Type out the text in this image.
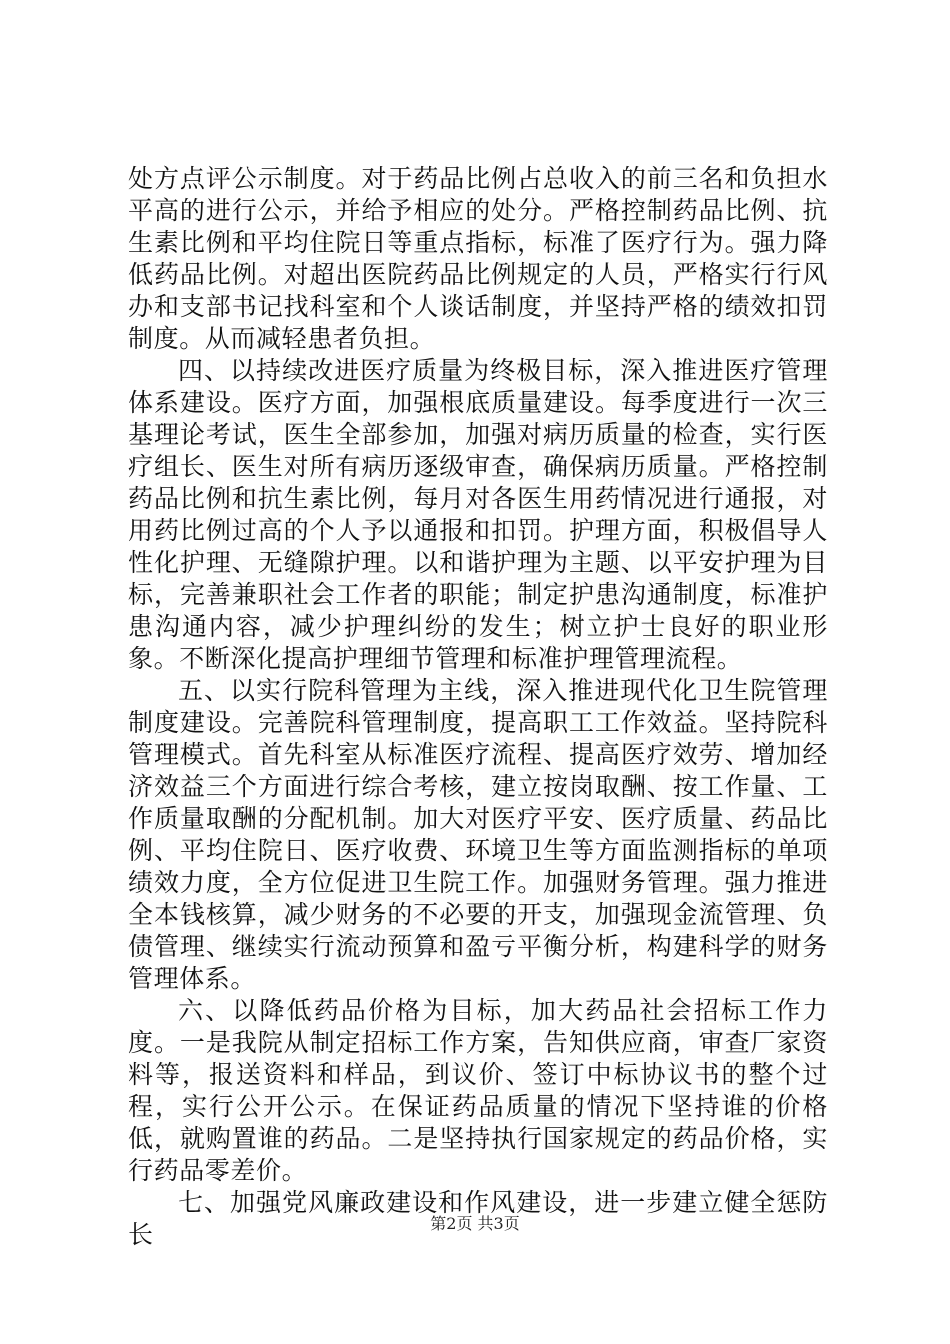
处方点评公示制度。对于药品比例占总收入的前三名和负担水平高的进行公示，并给予相应的处分。严格控制药品比例、抗生素比例和平均住院日等重点指标，标准了医疗行为。强力降低药品比例。对超出医院药品比例规定的人员，严格实行行风办和支部书记找科室和个人谈话制度，并坚持严格的绩效扣罚制度。从而减轻患者负担。

四、以持续改进医疗质量为终极目标，深入推进医疗管理体系建设。医疗方面，加强根底质量建设。每季度进行一次三基理论考试，医生全部参加，加强对病历质量的检查，实行医疗组长、医生对所有病历逐级审查，确保病历质量。严格控制药品比例和抗生素比例，每月对各医生用药情况进行通报，对用药比例过高的个人予以通报和扣罚。护理方面，积极倡导人性化护理、无缝隙护理。以和谐护理为主题、以平安护理为目标，完善兼职社会工作者的职能；制定护患沟通制度，标准护患沟通内容，减少护理纠纷的发生；树立护士良好的职业形象。不断深化提高护理细节管理和标准护理管理流程。

五、以实行院科管理为主线，深入推进现代化卫生院管理制度建设。完善院科管理制度，提高职工工作效益。坚持院科管理模式。首先科室从标准医疗流程、提高医疗效劳、增加经济效益三个方面进行综合考核，建立按岗取酬、按工作量、工作质量取酬的分配机制。加大对医疗平安、医疗质量、药品比例、平均住院日、医疗收费、环境卫生等方面监测指标的单项绩效力度，全方位促进卫生院工作。加强财务管理。强力推进全本钱核算，减少财务的不必要的开支，加强现金流管理、负债管理、继续实行流动预算和盈亏平衡分析，构建科学的财务管理体系。

六、以降低药品价格为目标，加大药品社会招标工作力度。一是我院从制定招标工作方案，告知供应商，审查厂家资料等，报送资料和样品，到议价、签订中标协议书的整个过程，实行公开公示。在保证药品质量的情况下坚持谁的价格低，就购置谁的药品。二是坚持执行国家规定的药品价格，实行药品零差价。

七、加强党风廉政建设和作风建设，进一步建立健全惩防长	第2页 共3页
